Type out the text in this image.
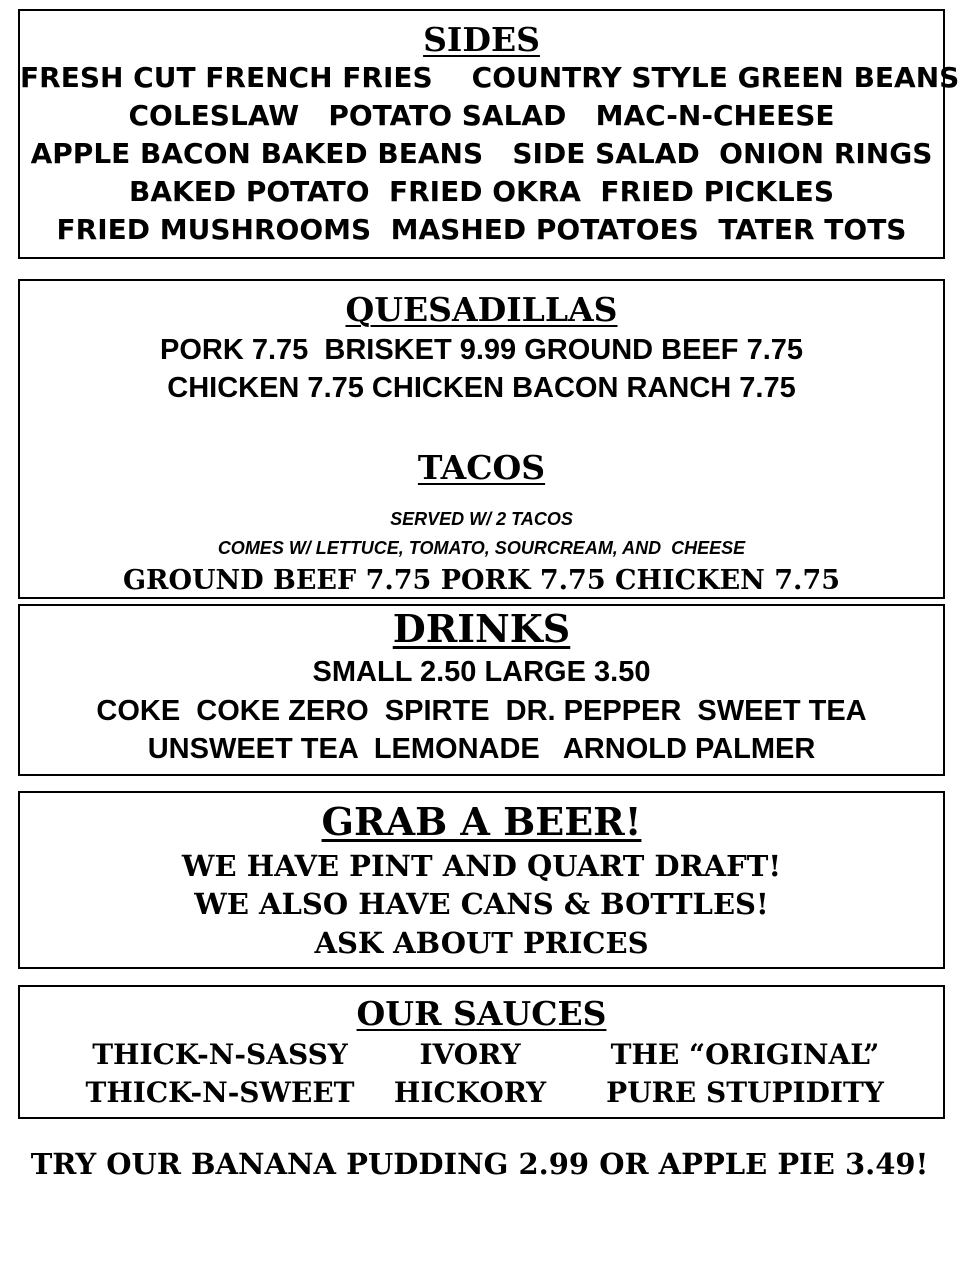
SIDES
FRESH CUT FRENCH FRIES    COUNTRY STYLE GREEN BEANS
COLESLAW   POTATO SALAD   MAC-N-CHEESE
APPLE BACON BAKED BEANS   SIDE SALAD  ONION RINGS
BAKED POTATO  FRIED OKRA  FRIED PICKLES
FRIED MUSHROOMS  MASHED POTATOES  TATER TOTS
QUESADILLAS
PORK 7.75  BRISKET 9.99 GROUND BEEF 7.75
CHICKEN 7.75 CHICKEN BACON RANCH 7.75
TACOS
SERVED W/ 2 TACOS
COMES W/ LETTUCE, TOMATO, SOURCREAM, AND  CHEESE
GROUND BEEF 7.75 PORK 7.75 CHICKEN 7.75
DRINKS
SMALL 2.50 LARGE 3.50
COKE  COKE ZERO  SPIRTE  DR. PEPPER  SWEET TEA
UNSWEET TEA  LEMONADE   ARNOLD PALMER
GRAB A BEER!
WE HAVE PINT AND QUART DRAFT!
WE ALSO HAVE CANS & BOTTLES!
ASK ABOUT PRICES
OUR SAUCES
THICK-N-SASSY	IVORY	THE “ORIGINAL”
THICK-N-SWEET	HICKORY	PURE STUPIDITY
TRY OUR BANANA PUDDING 2.99 OR APPLE PIE 3.49!
